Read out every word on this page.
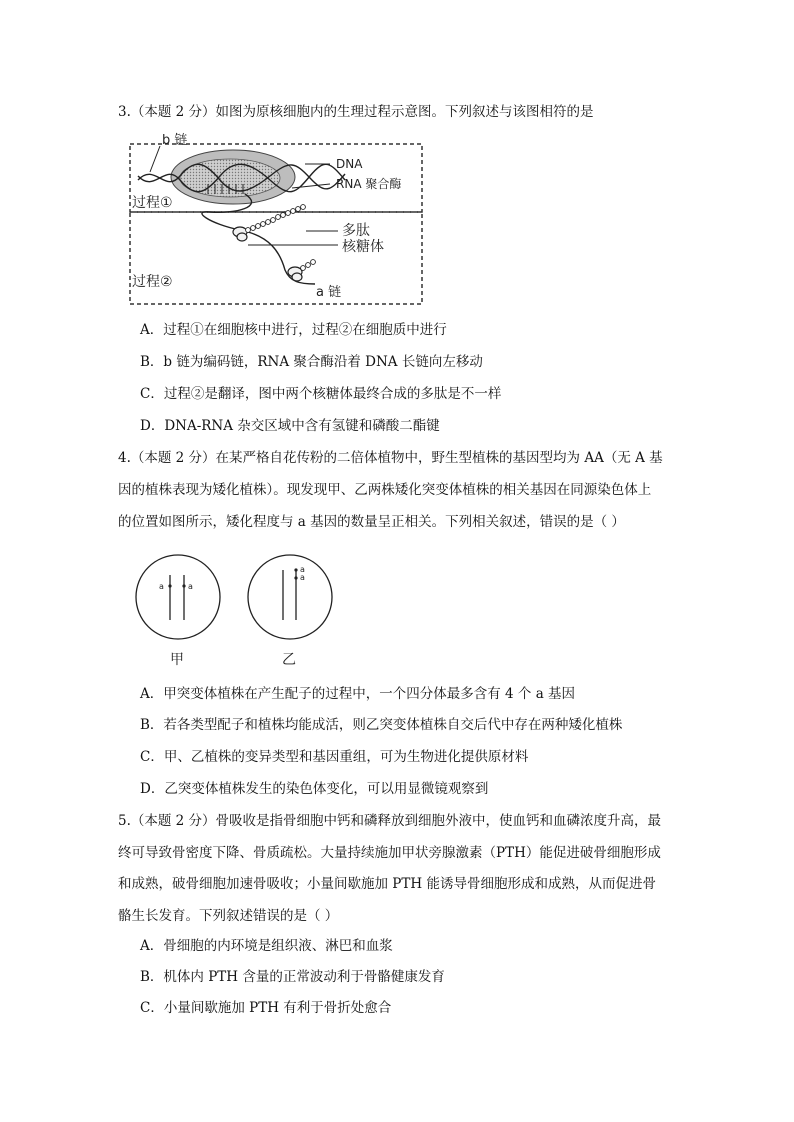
3.（本题 2 分）如图为原核细胞内的生理过程示意图。下列叙述与该图相符的是
b 链
DNA
RNA 聚合酶
过程①
多肽
核糖体
过程②
a 链
A．过程①在细胞核中进行，过程②在细胞质中进行
B．b 链为编码链，RNA 聚合酶沿着 DNA 长链向左移动
C．过程②是翻译，图中两个核糖体最终合成的多肽是不一样
D．DNA-RNA 杂交区域中含有氢键和磷酸二酯键
4.（本题 2 分）在某严格自花传粉的二倍体植物中，野生型植株的基因型均为 AA（无 A 基
因的植株表现为矮化植株）。现发现甲、乙两株矮化突变体植株的相关基因在同源染色体上
的位置如图所示，矮化程度与 a 基因的数量呈正相关。下列相关叙述，错误的是（ ）
a	a
甲
a
a
乙
A．甲突变体植株在产生配子的过程中，一个四分体最多含有 4 个 a 基因
B．若各类型配子和植株均能成活，则乙突变体植株自交后代中存在两种矮化植株
C．甲、乙植株的变异类型和基因重组，可为生物进化提供原材料
D．乙突变体植株发生的染色体变化，可以用显微镜观察到
5.（本题 2 分）骨吸收是指骨细胞中钙和磷释放到细胞外液中，使血钙和血磷浓度升高，最
终可导致骨密度下降、骨质疏松。大量持续施加甲状旁腺激素（PTH）能促进破骨细胞形成
和成熟，破骨细胞加速骨吸收；小量间歇施加 PTH 能诱导骨细胞形成和成熟，从而促进骨
骼生长发育。下列叙述错误的是（ ）
A．骨细胞的内环境是组织液、淋巴和血浆
B．机体内 PTH 含量的正常波动利于骨骼健康发育
C．小量间歇施加 PTH 有利于骨折处愈合
